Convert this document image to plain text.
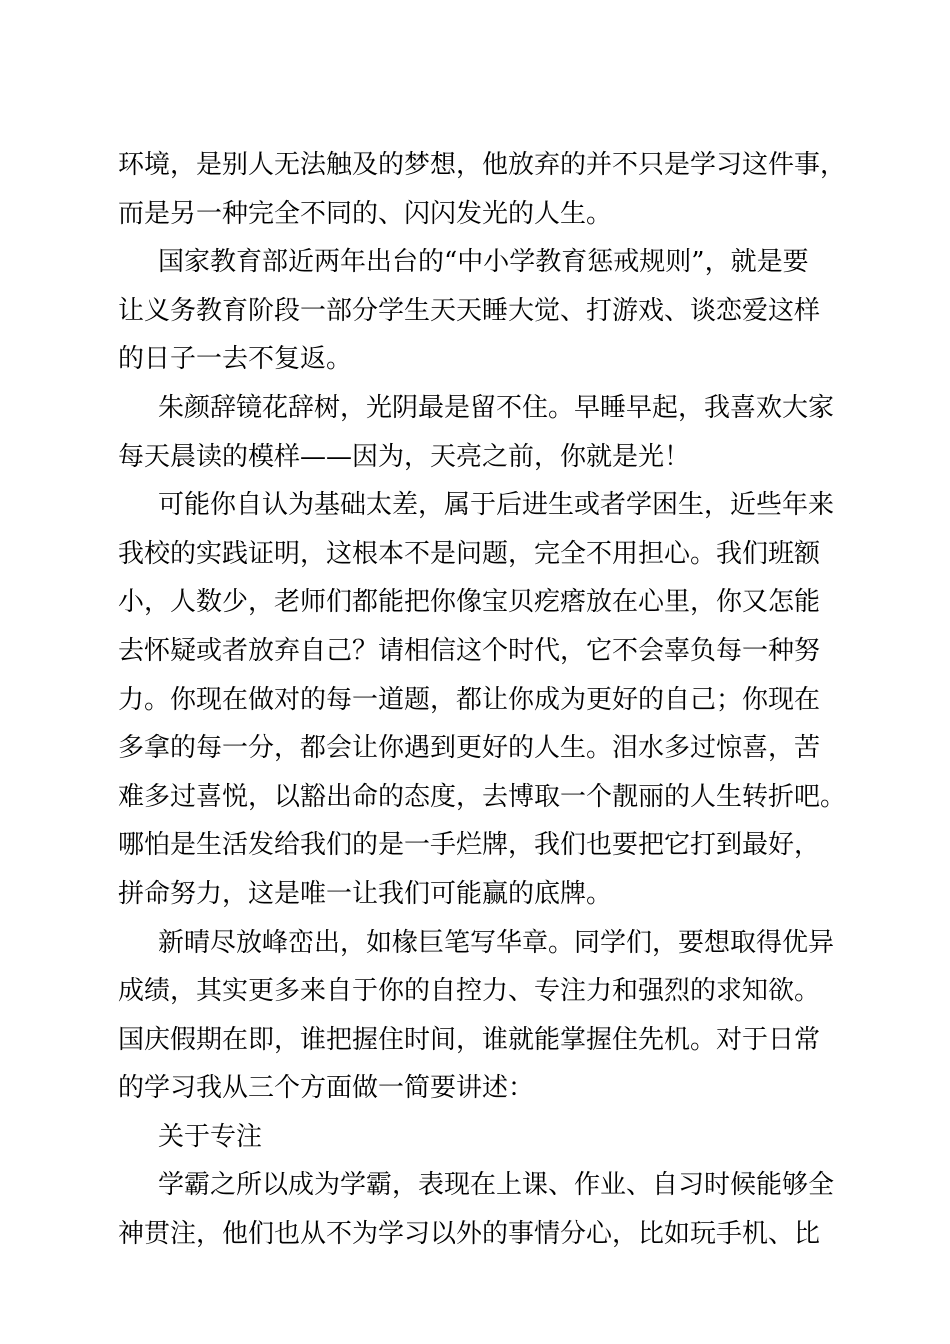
环境，是别人无法触及的梦想，他放弃的并不只是学习这件事，
而是另一种完全不同的、闪闪发光的人生。
国家教育部近两年出台的“中小学教育惩戒规则”，就是要
让义务教育阶段一部分学生天天睡大觉、打游戏、谈恋爱这样
的日子一去不复返。
朱颜辞镜花辞树，光阴最是留不住。早睡早起，我喜欢大家
每天晨读的模样——因为，天亮之前，你就是光！
可能你自认为基础太差，属于后进生或者学困生，近些年来
我校的实践证明，这根本不是问题，完全不用担心。我们班额
小，人数少，老师们都能把你像宝贝疙瘩放在心里，你又怎能
去怀疑或者放弃自己？请相信这个时代，它不会辜负每一种努
力。你现在做对的每一道题，都让你成为更好的自己；你现在
多拿的每一分，都会让你遇到更好的人生。泪水多过惊喜，苦
难多过喜悦，以豁出命的态度，去博取一个靓丽的人生转折吧。
哪怕是生活发给我们的是一手烂牌，我们也要把它打到最好，
拼命努力，这是唯一让我们可能赢的底牌。
新晴尽放峰峦出，如椽巨笔写华章。同学们，要想取得优异
成绩，其实更多来自于你的自控力、专注力和强烈的求知欲。
国庆假期在即，谁把握住时间，谁就能掌握住先机。对于日常
的学习我从三个方面做一简要讲述：
关于专注
学霸之所以成为学霸，表现在上课、作业、自习时候能够全
神贯注，他们也从不为学习以外的事情分心，比如玩手机、比
